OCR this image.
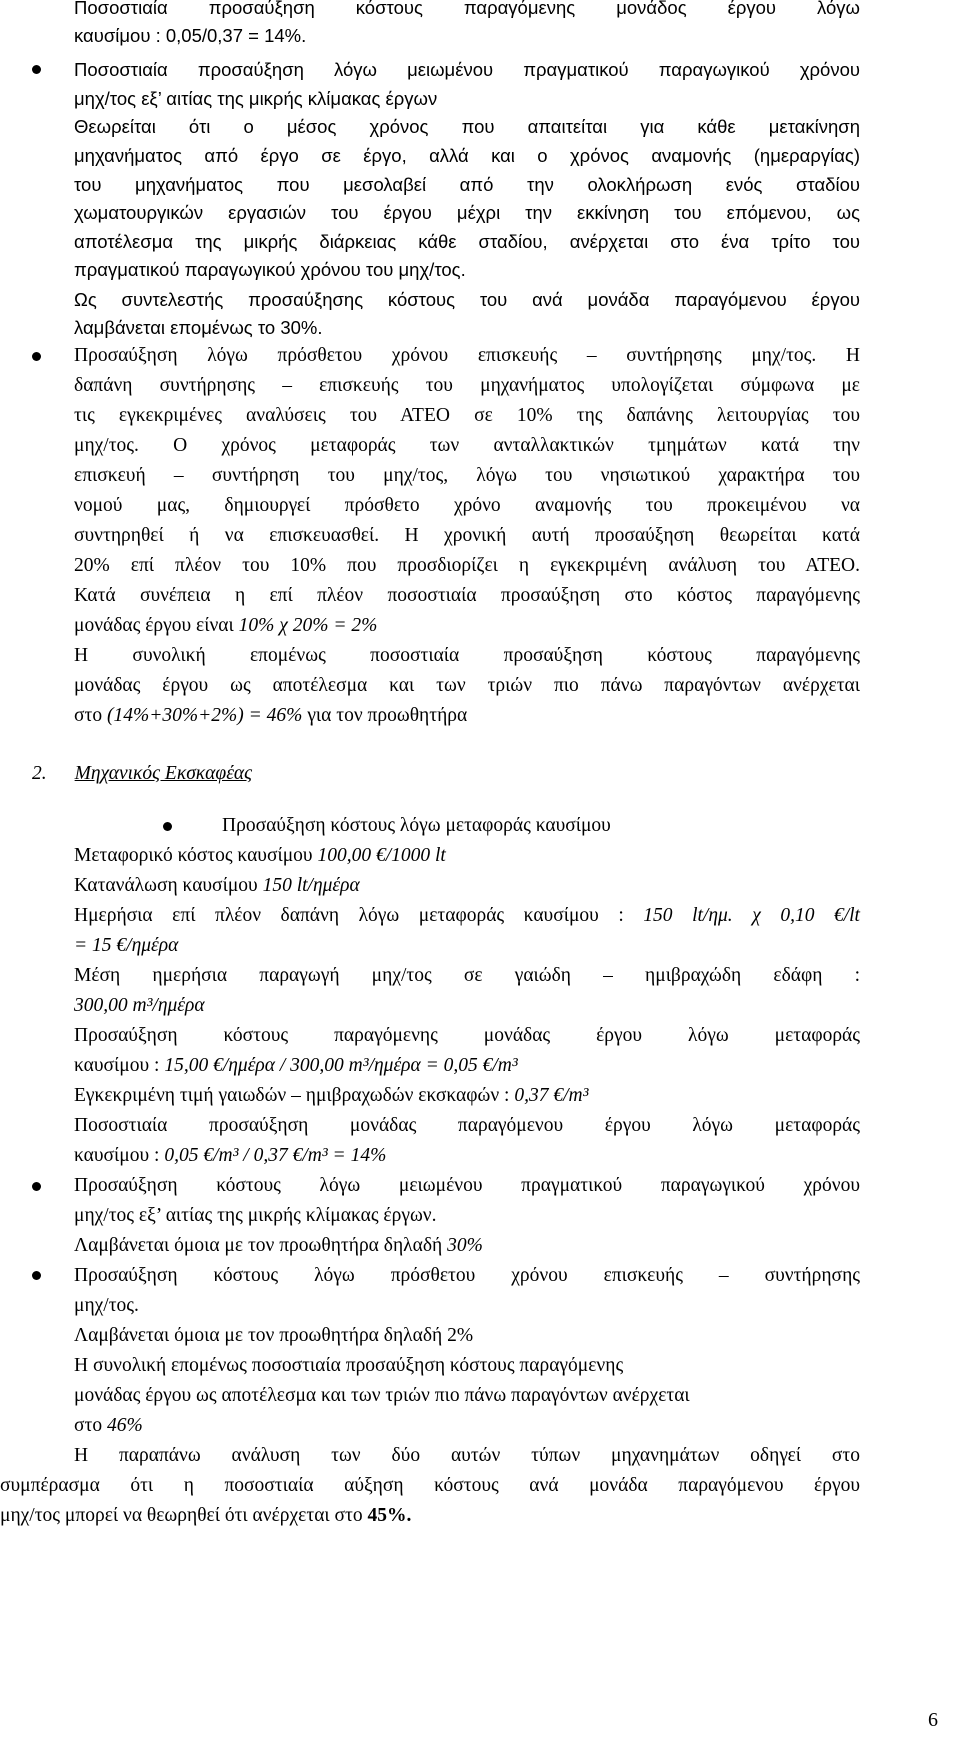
Ποσοστιαία προσαύξηση κόστους παραγόμενης μονάδος έργου λόγω

καυσίμου : 0,05/0,37 = 14%.

Ποσοστιαία προσαύξηση λόγω μειωμένου πραγματικού παραγωγικού χρόνου

μηχ/τος εξ’ αιτίας της μικρής κλίμακας έργων

Θεωρείται ότι ο μέσος χρόνος που απαιτείται για κάθε μετακίνηση

μηχανήματος από έργο σε έργο, αλλά και ο χρόνος αναμονής (ημεραργίας)

του μηχανήματος που μεσολαβεί από την ολοκλήρωση ενός σταδίου

χωματουργικών εργασιών του έργου μέχρι την εκκίνηση του επόμενου, ως

αποτέλεσμα της μικρής διάρκειας κάθε σταδίου, ανέρχεται στο ένα τρίτο του

πραγματικού παραγωγικού χρόνου του μηχ/τος.

Ως συντελεστής προσαύξησης κόστους του ανά μονάδα παραγόμενου έργου

λαμβάνεται επομένως το 30%.

Προσαύξηση λόγω πρόσθετου χρόνου επισκευής – συντήρησης μηχ/τος. Η

δαπάνη συντήρησης – επισκευής του μηχανήματος υπολογίζεται σύμφωνα με

τις εγκεκριμένες αναλύσεις του ΑΤΕΟ σε 10% της δαπάνης λειτουργίας του

μηχ/τος. Ο χρόνος μεταφοράς των ανταλλακτικών τμημάτων κατά την

επισκευή – συντήρηση του μηχ/τος, λόγω του νησιωτικού χαρακτήρα του

νομού μας, δημιουργεί πρόσθετο χρόνο αναμονής του προκειμένου να

συντηρηθεί ή να επισκευασθεί. Η χρονική αυτή προσαύξηση θεωρείται κατά

20% επί πλέον του 10% που προσδιορίζει η εγκεκριμένη ανάλυση του ΑΤΕΟ.

Κατά συνέπεια η επί πλέον ποσοστιαία προσαύξηση στο κόστος παραγόμενης

μονάδας έργου είναι 10% χ 20% = 2%

Η συνολική επομένως ποσοστιαία προσαύξηση κόστους παραγόμενης

μονάδας έργου ως αποτέλεσμα και των τριών πιο πάνω παραγόντων ανέρχεται

στο (14%+30%+2%) = 46% για τον προωθητήρα

2. Μηχανικός Εκσκαφέας

Προσαύξηση κόστους λόγω μεταφοράς καυσίμου

Μεταφορικό κόστος καυσίμου 100,00 €/1000 lt

Κατανάλωση καυσίμου 150 lt/ημέρα

Ημερήσια επί πλέον δαπάνη λόγω μεταφοράς καυσίμου : 150 lt/ημ. χ 0,10 €/lt

= 15 €/ημέρα

Μέση ημερήσια παραγωγή μηχ/τος σε γαιώδη – ημιβραχώδη εδάφη :

300,00 m³/ημέρα

Προσαύξηση κόστους παραγόμενης μονάδας έργου λόγω μεταφοράς

καυσίμου : 15,00 €/ημέρα / 300,00 m³/ημέρα = 0,05 €/m³

Εγκεκριμένη τιμή γαιωδών – ημιβραχωδών εκσκαφών : 0,37 €/m³

Ποσοστιαία προσαύξηση μονάδας παραγόμενου έργου λόγω μεταφοράς

καυσίμου : 0,05 €/m³ / 0,37 €/m³ = 14%

Προσαύξηση κόστους λόγω μειωμένου πραγματικού παραγωγικού χρόνου

μηχ/τος εξ’ αιτίας της μικρής κλίμακας έργων.

Λαμβάνεται όμοια με τον προωθητήρα δηλαδή 30%

Προσαύξηση κόστους λόγω πρόσθετου χρόνου επισκευής – συντήρησης

μηχ/τος.

Λαμβάνεται όμοια με τον προωθητήρα δηλαδή 2%

Η συνολική επομένως ποσοστιαία προσαύξηση κόστους παραγόμενης

μονάδας έργου ως αποτέλεσμα και των τριών πιο πάνω παραγόντων ανέρχεται

στο 46%

Η παραπάνω ανάλυση των δύο αυτών τύπων μηχανημάτων οδηγεί στο

συμπέρασμα ότι η ποσοστιαία αύξηση κόστους ανά μονάδα παραγόμενου έργου

μηχ/τος μπορεί να θεωρηθεί ότι ανέρχεται στο 45%.

6
